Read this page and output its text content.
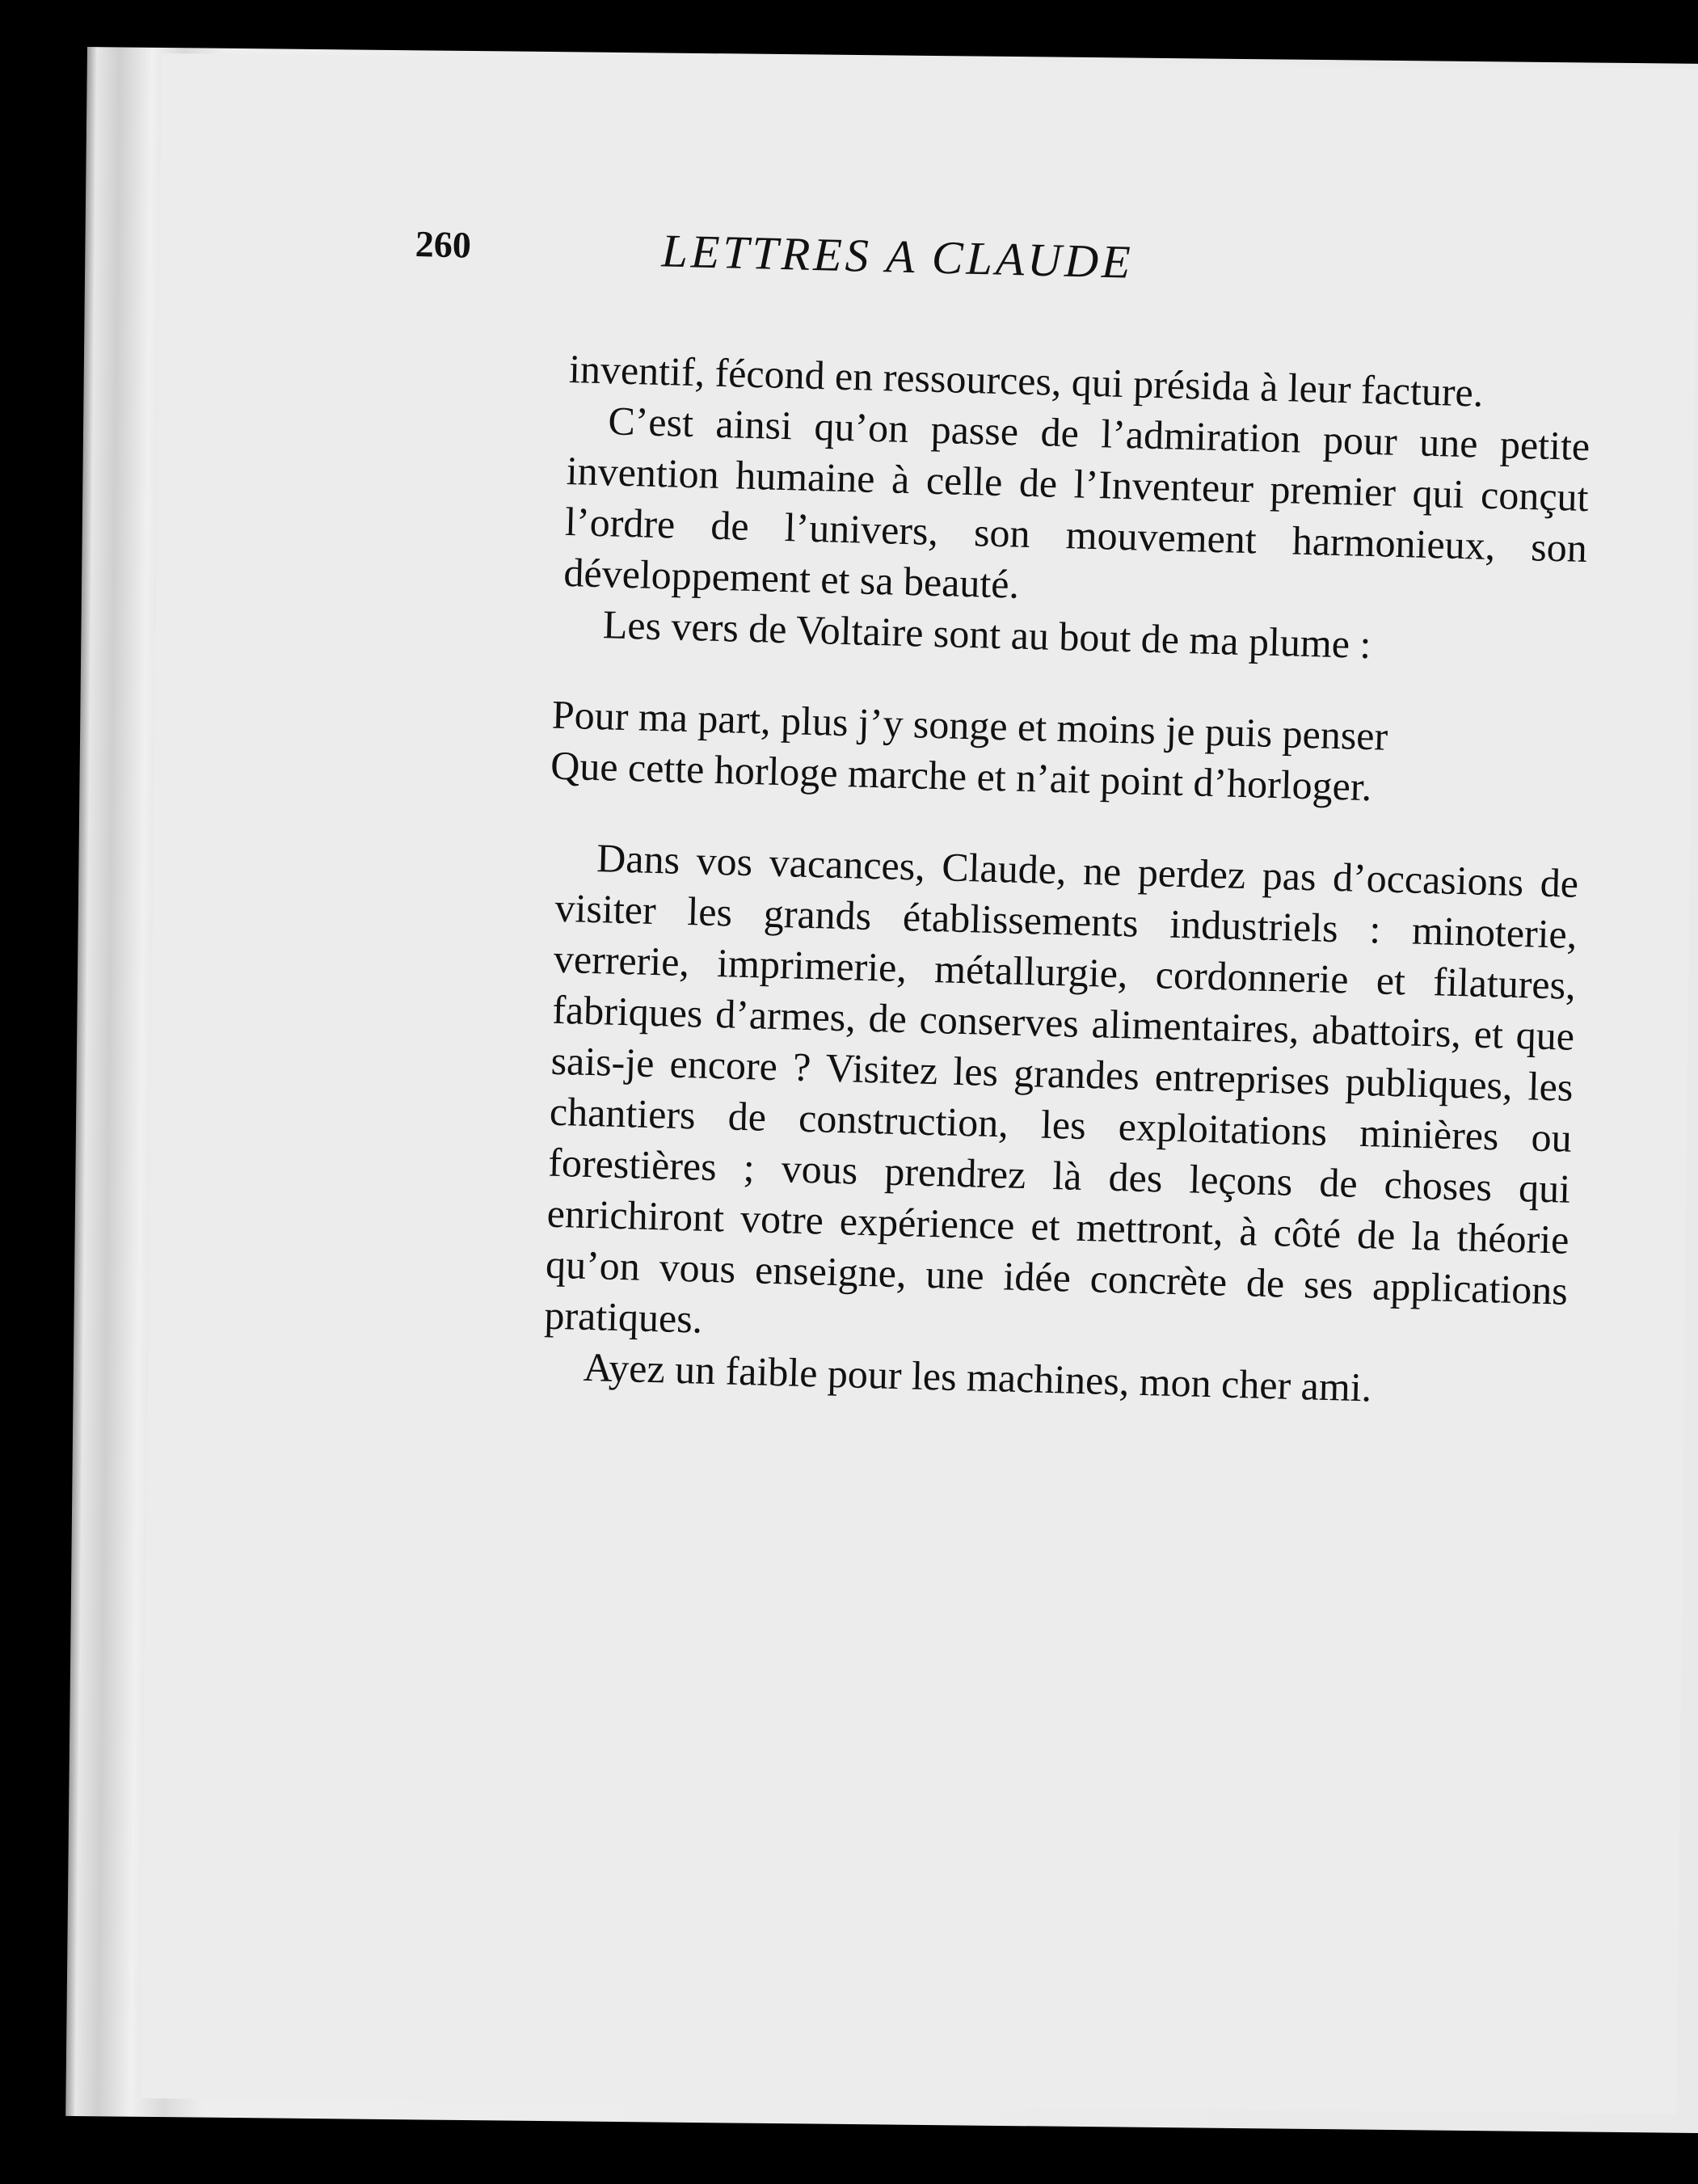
260	LETTRES A CLAUDE

inventif, fécond en ressources, qui présida à leur facture.

C’est ainsi qu’on passe de l’admiration pour une petite invention humaine à celle de l’Inventeur premier qui conçut l’ordre de l’univers, son mouvement harmonieux, son développement et sa beauté.

Les vers de Voltaire sont au bout de ma plume :

Pour ma part, plus j’y songe et moins je puis penser
Que cette horloge marche et n’ait point d’horloger.

Dans vos vacances, Claude, ne perdez pas d’occasions de visiter les grands établissements industriels : minoterie, verrerie, imprimerie, métallurgie, cordonnerie et filatures, fabriques d’armes, de conserves alimentaires, abattoirs, et que sais-je encore ? Visitez les grandes entreprises publiques, les chantiers de construction, les exploitations minières ou forestières ; vous prendrez là des leçons de choses qui enrichiront votre expérience et mettront, à côté de la théorie qu’on vous enseigne, une idée concrète de ses applications pratiques.

Ayez un faible pour les machines, mon cher ami.
